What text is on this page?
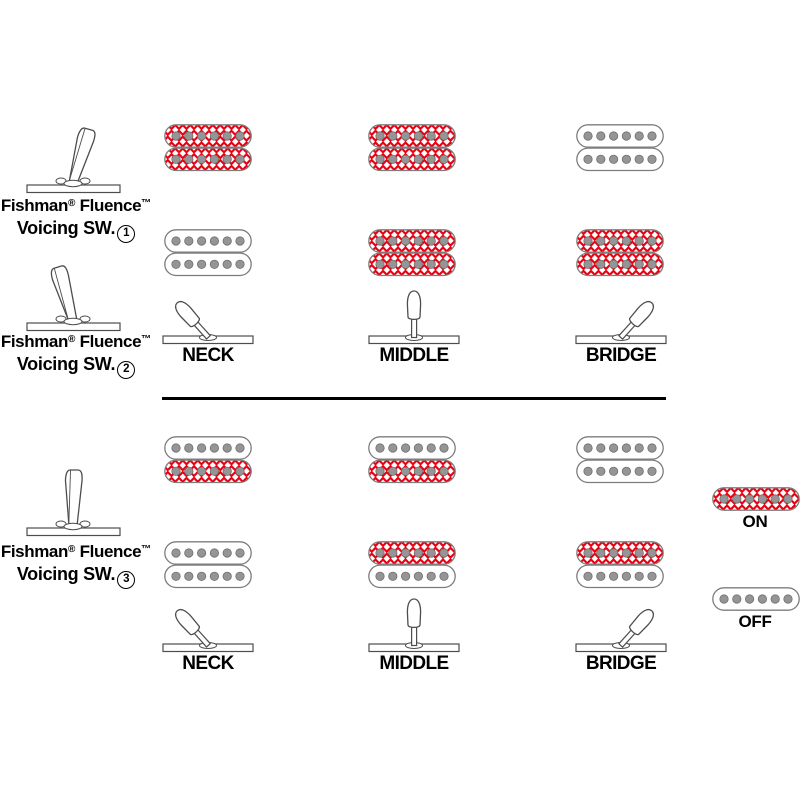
Fishman® Fluence™
Voicing SW. 1
Fishman® Fluence™
Voicing SW. 2
Fishman® Fluence™
Voicing SW. 3
NECK	MIDDLE	BRIDGE
NECK	MIDDLE	BRIDGE
ON
OFF
